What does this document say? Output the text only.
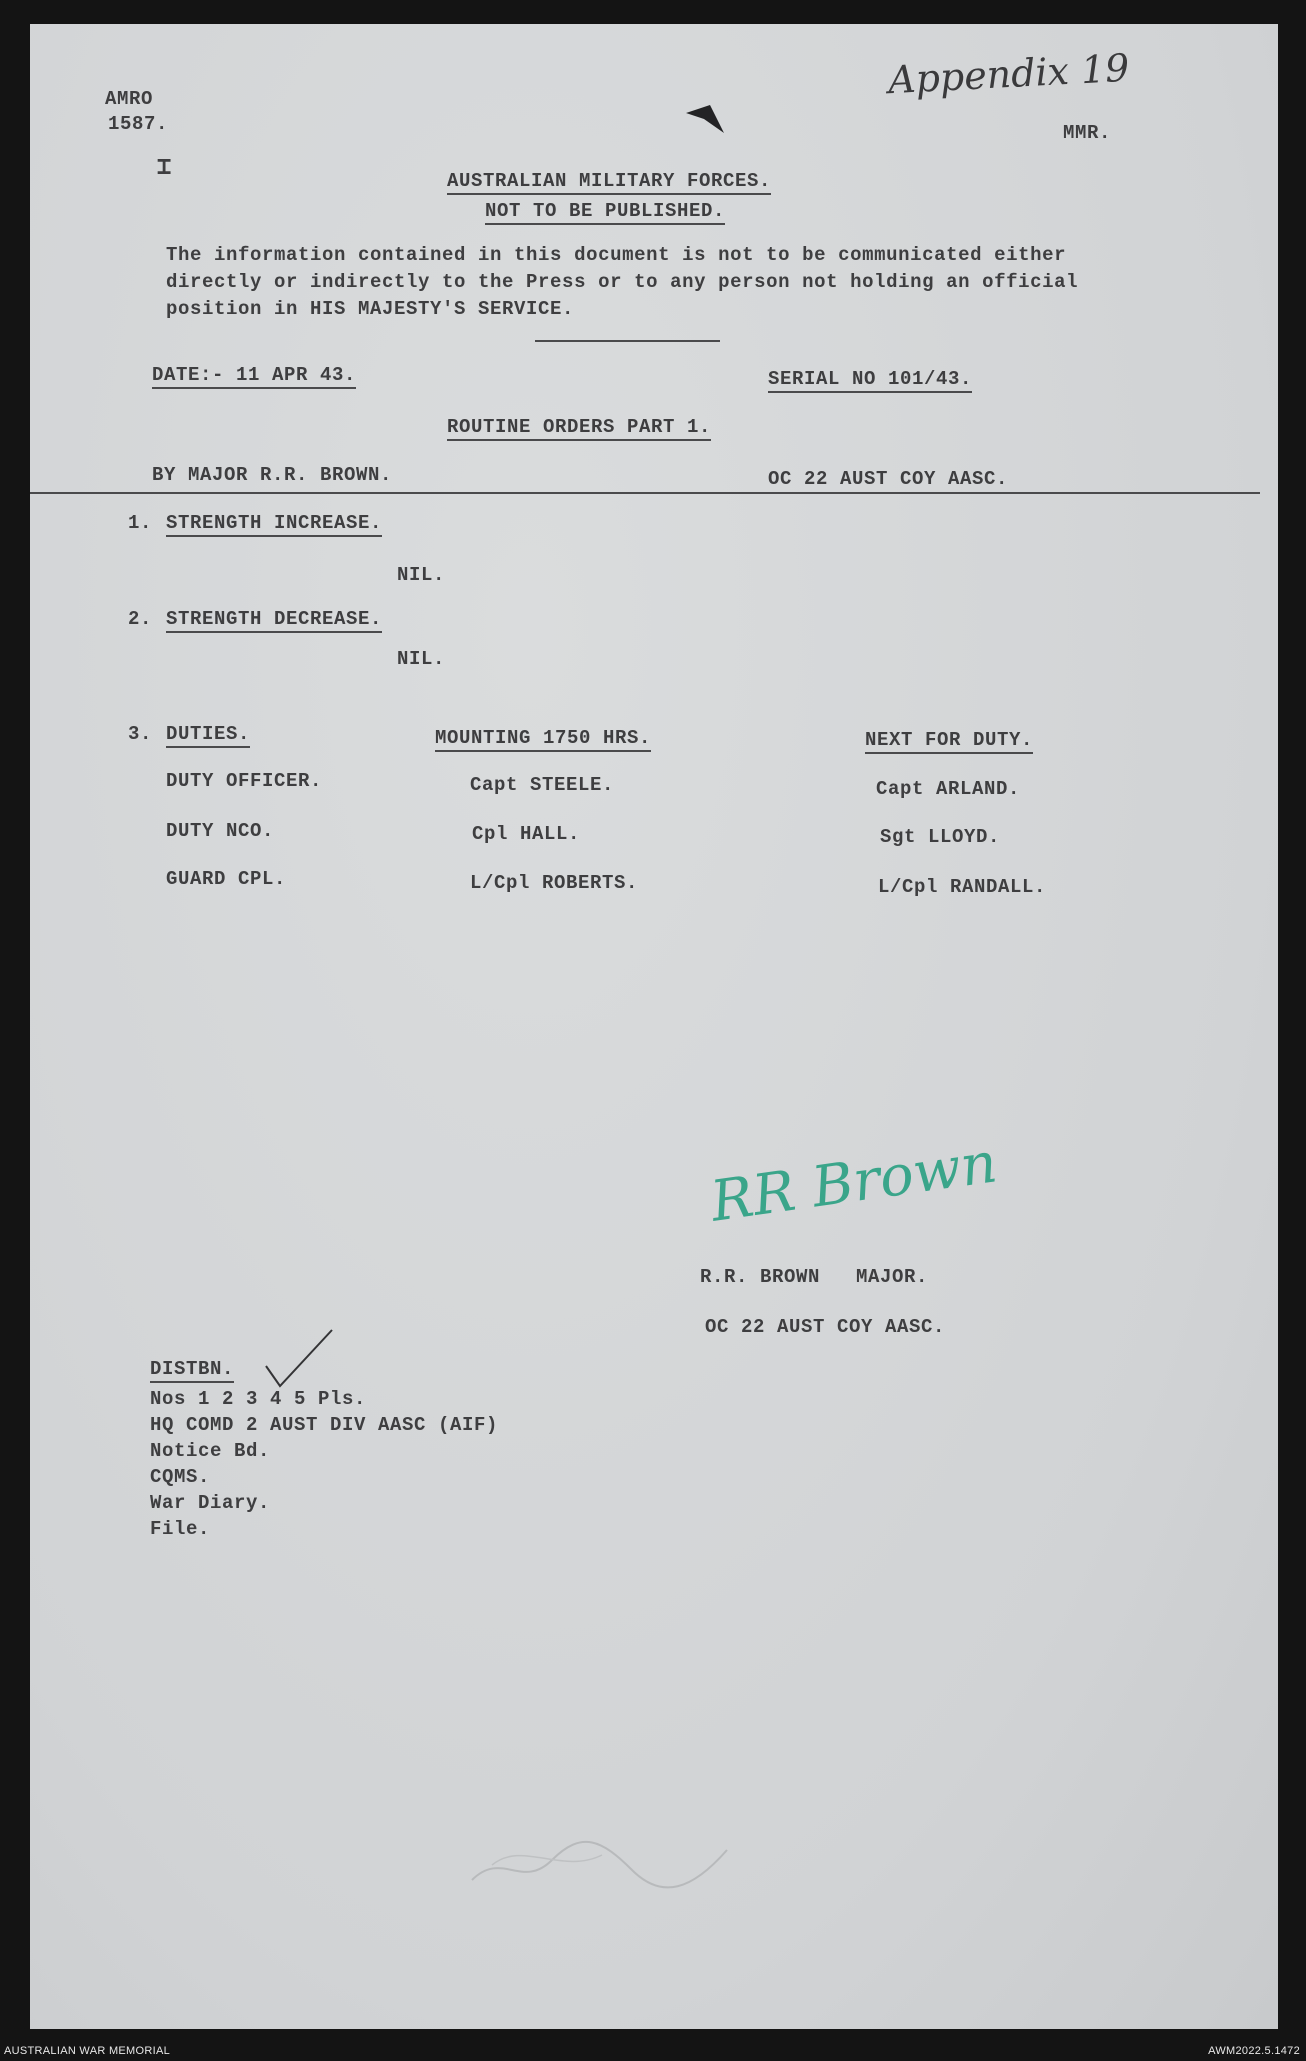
AMRO
1587.
Appendix 19
MMR.
⌶	AUSTRALIAN MILITARY FORCES.
NOT TO BE PUBLISHED.
The information contained in this document is not to be communicated either
directly or indirectly to the Press or to any person not holding an official
position in HIS MAJESTY'S SERVICE.
DATE:- 11 APR 43.	SERIAL NO 101/43.
ROUTINE ORDERS PART 1.
BY MAJOR R.R. BROWN.	OC 22 AUST COY AASC.
1. STRENGTH INCREASE.
NIL.
2. STRENGTH DECREASE.
NIL.
3. DUTIES.	MOUNTING 1750 HRS.	NEXT FOR DUTY.
DUTY OFFICER.	Capt STEELE.	Capt ARLAND.
DUTY NCO.	Cpl HALL.	Sgt LLOYD.
GUARD CPL.	L/Cpl ROBERTS.	L/Cpl RANDALL.
RR Brown
R.R. BROWN   MAJOR.
OC 22 AUST COY AASC.
DISTBN.
Nos 1 2 3 4 5 Pls.
HQ COMD 2 AUST DIV AASC (AIF)
Notice Bd.
CQMS.
War Diary.
File.
AUSTRALIAN WAR MEMORIAL	AWM2022.5.1472
